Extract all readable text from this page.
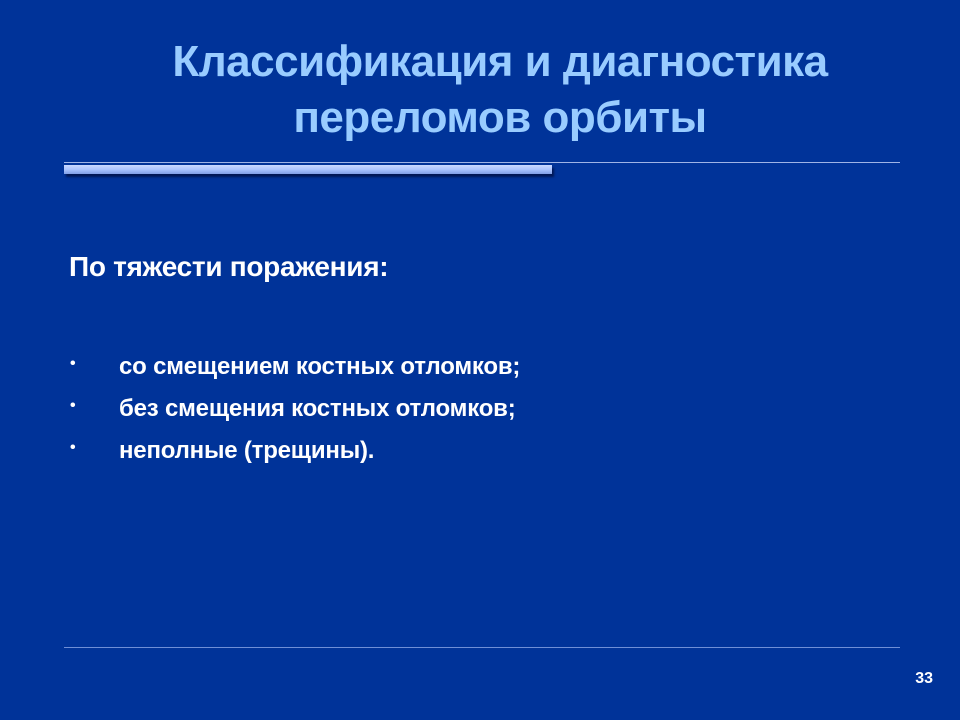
Классификация и диагностика
переломов орбиты
По тяжести поражения:
• со смещением костных отломков;
• без смещения костных отломков;
• неполные (трещины).
33
